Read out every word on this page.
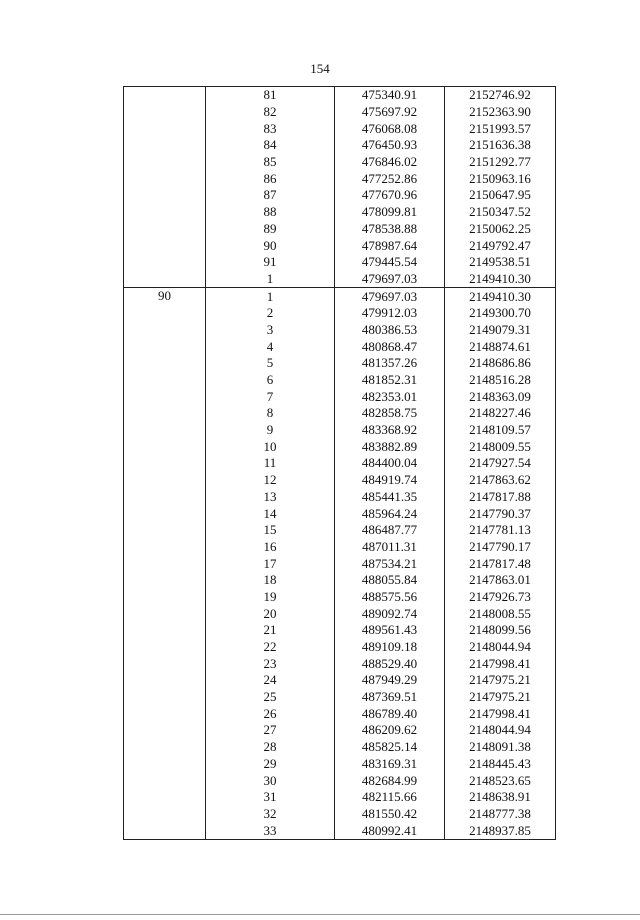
154
	81	475340.91	2152746.92
	82	475697.92	2152363.90
	83	476068.08	2151993.57
	84	476450.93	2151636.38
	85	476846.02	2151292.77
	86	477252.86	2150963.16
	87	477670.96	2150647.95
	88	478099.81	2150347.52
	89	478538.88	2150062.25
	90	478987.64	2149792.47
	91	479445.54	2149538.51
	1	479697.03	2149410.30
90	1	479697.03	2149410.30
	2	479912.03	2149300.70
	3	480386.53	2149079.31
	4	480868.47	2148874.61
	5	481357.26	2148686.86
	6	481852.31	2148516.28
	7	482353.01	2148363.09
	8	482858.75	2148227.46
	9	483368.92	2148109.57
	10	483882.89	2148009.55
	11	484400.04	2147927.54
	12	484919.74	2147863.62
	13	485441.35	2147817.88
	14	485964.24	2147790.37
	15	486487.77	2147781.13
	16	487011.31	2147790.17
	17	487534.21	2147817.48
	18	488055.84	2147863.01
	19	488575.56	2147926.73
	20	489092.74	2148008.55
	21	489561.43	2148099.56
	22	489109.18	2148044.94
	23	488529.40	2147998.41
	24	487949.29	2147975.21
	25	487369.51	2147975.21
	26	486789.40	2147998.41
	27	486209.62	2148044.94
	28	485825.14	2148091.38
	29	483169.31	2148445.43
	30	482684.99	2148523.65
	31	482115.66	2148638.91
	32	481550.42	2148777.38
	33	480992.41	2148937.85
